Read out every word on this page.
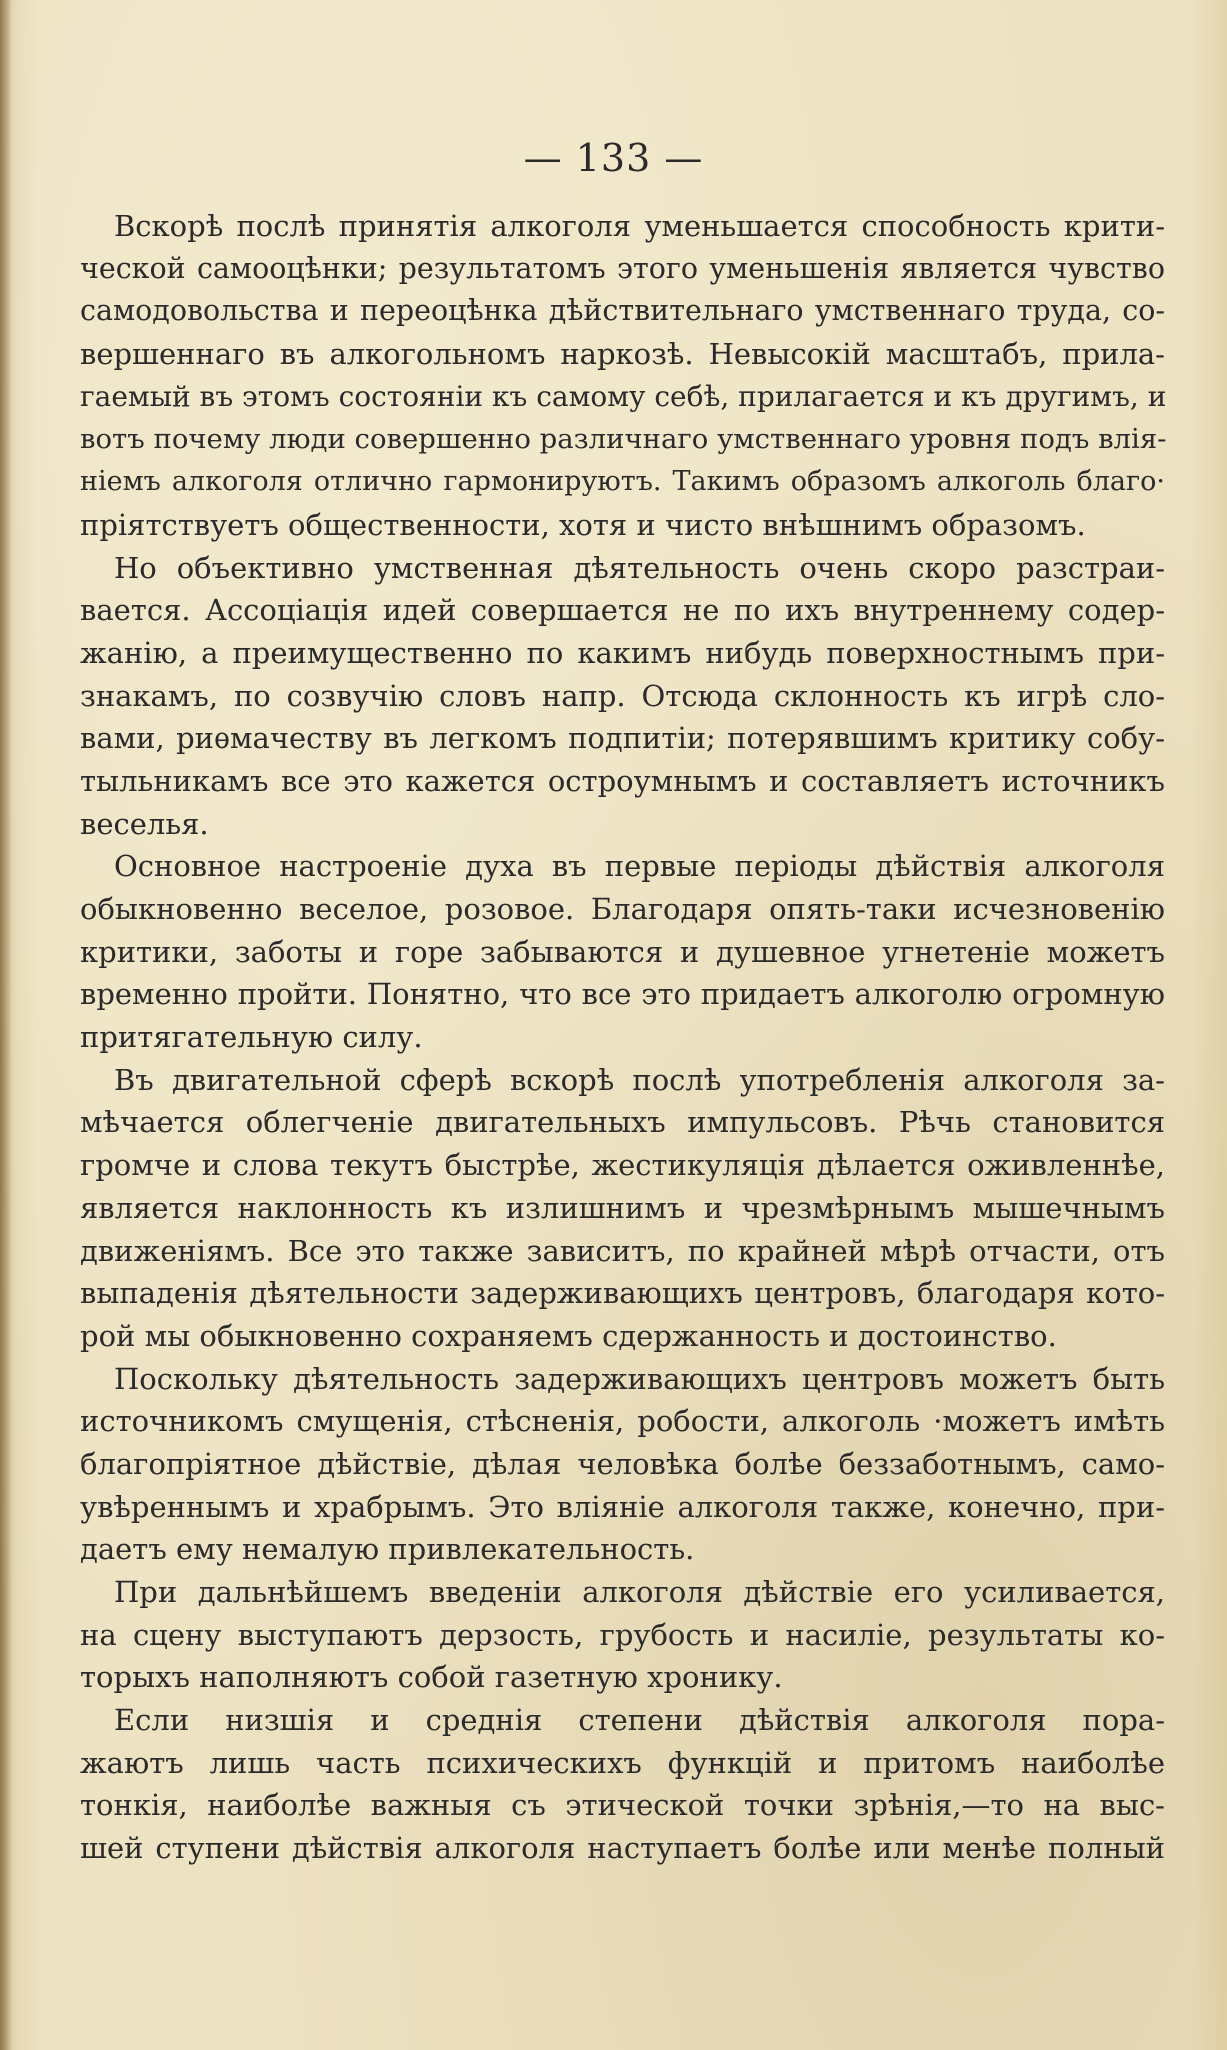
— 133 —
Вскорѣ послѣ принятія алкоголя уменьшается способность крити-
ческой самооцѣнки; результатомъ этого уменьшенія является чувство
самодовольства и переоцѣнка дѣйствительнаго умственнаго труда, со-
вершеннаго въ алкогольномъ наркозѣ. Невысокій масштабъ, прила-
гаемый въ этомъ состояніи къ самому себѣ, прилагается и къ другимъ, и
вотъ почему люди совершенно различнаго умственнаго уровня подъ влія-
ніемъ алкоголя отлично гармонируютъ. Такимъ образомъ алкоголь благо·
пріятствуетъ общественности, хотя и чисто внѣшнимъ образомъ.
Но объективно умственная дѣятельность очень скоро разстраи-
вается. Ассоціація идей совершается не по ихъ внутреннему содер-
жанію, а преимущественно по какимъ нибудь поверхностнымъ при-
знакамъ, по созвучію словъ напр. Отсюда склонность къ игрѣ сло-
вами, риѳмачеству въ легкомъ подпитіи; потерявшимъ критику собу-
тыльникамъ все это кажется остроумнымъ и составляетъ источникъ
веселья.
Основное настроеніе духа въ первые періоды дѣйствія алкоголя
обыкновенно веселое, розовое. Благодаря опять-таки исчезновенію
критики, заботы и горе забываются и душевное угнетеніе можетъ
временно пройти. Понятно, что все это придаетъ алкоголю огромную
притягательную силу.
Въ двигательной сферѣ вскорѣ послѣ употребленія алкоголя за-
мѣчается облегченіе двигательныхъ импульсовъ. Рѣчь становится
громче и слова текутъ быстрѣе, жестикуляція дѣлается оживленнѣе,
является наклонность къ излишнимъ и чрезмѣрнымъ мышечнымъ
движеніямъ. Все это также зависитъ, по крайней мѣрѣ отчасти, отъ
выпаденія дѣятельности задерживающихъ центровъ, благодаря кото-
рой мы обыкновенно сохраняемъ сдержанность и достоинство.
Поскольку дѣятельность задерживающихъ центровъ можетъ быть
источникомъ смущенія, стѣсненія, робости, алкоголь ·можетъ имѣть
благопріятное дѣйствіе, дѣлая человѣка болѣе беззаботнымъ, само-
увѣреннымъ и храбрымъ. Это вліяніе алкоголя также, конечно, при-
даетъ ему немалую привлекательность.
При дальнѣйшемъ введеніи алкоголя дѣйствіе его усиливается,
на сцену выступаютъ дерзость, грубость и насиліе, результаты ко-
торыхъ наполняютъ собой газетную хронику.
Если низшія и среднія степени дѣйствія алкоголя пора-
жаютъ лишь часть психическихъ функцій и притомъ наиболѣе
тонкія, наиболѣе важныя съ этической точки зрѣнія,—то на выс-
шей ступени дѣйствія алкоголя наступаетъ болѣе или менѣе полный
